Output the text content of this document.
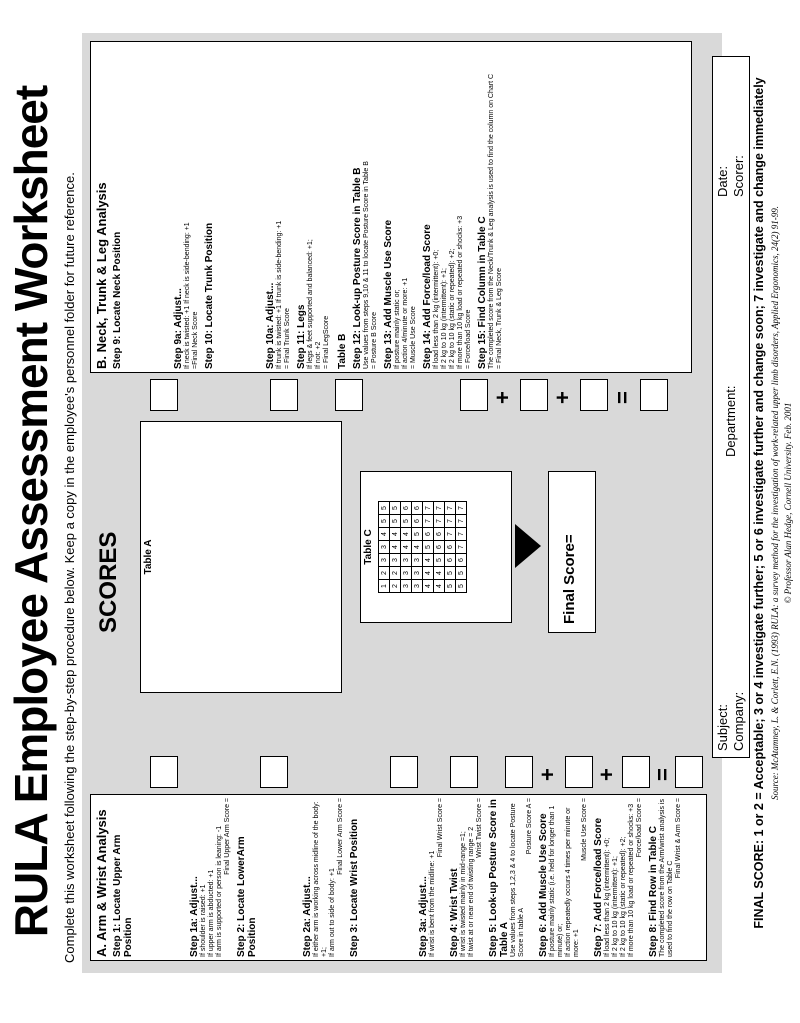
RULA Employee Assessment Worksheet Complete this worksheet following the step-by-step procedure below. Keep a copy in the employee's personnel folder for future reference. A. Arm & Wrist Analysis Step 1: Locate Upper Arm Position	Step 1a: Adjust... If shoulder is raised: +1
If upper arm is abducted: +1
If arm is supported or person is leaning: -1 Final Upper Arm Score = Step 2: Locate LowerArm Position	Step 2a: Adjust... If either arm is working across midline of the body: +1;
If arm out to side of body: +1 Final Lower Arm Score = Step 3: Locate Wrist Position	Step 3a: Adjust... If wrist is bent from the midline: +1
Final Wrist Score =
Step 4: Wrist Twist If wrist is twisted mainly in mid-range =1;
If twist at or near end of twisting range = 2 Wrist Twist Score = Step 5: Look-up Posture Score in Table A Use values from steps 1,2,3 & 4 to locate Posture Score in table A
Posture Score A = Step 6: Add Muscle Use Score If posture mainly static (i.e. held for longer than 1 minute) or;
If action repeatedly occurs 4 times per minute or more: +1
Muscle Use Score = Step 7: Add Force/load Score If load less than 2 kg (intermittent): +0;
If 2 kg to 10 kg (intermittent): +1;
If 2 kg to 10 kg (static or repeated): +2;
If more than 10 kg load or repeated or shocks: +3 Force/load Score = Step 8: Find Row in Table C The completed score from the Arm/wrist analysis is used to find the row on Table C
Final Wrist & Arm Score =
+ + =
SCORES Table A	Table C
1	2	3	3	4	5	5
2	2	3	4	4	5	5
3	3	3	4	4	5	6
3	3	3	4	5	6	6
4	4	4	5	6	7	7
4	4	5	6	6	7	7
5	5	6	6	7	7	7
5	5	6	7	7	7	7
Final Score=
B. Neck, Trunk & Leg Analysis Step 9: Locate Neck Position	Step 9a: Adjust... If neck is twisted: +1 If neck is side-bending: +1 =Final Neck Score Step 10: Locate Trunk Position	Step 10a: Adjust... If trunk is twisted: +1 If trunk is side-bending: +1 = Final Trunk Score Step 11: Legs If legs & feet supported and balanced: +1;
If not: +2 = Final LegScore Table B Step 12: Look-up Posture Score in Table B Use values from steps 9,10 & 11 to locate Posture Score in Table B = Posture B Score Step 13: Add Muscle Use Score If posture mainly static or;
If action 4/minute or more: +1
= Muscle Use Score Step 14: Add Force/load Score If load less than 2 kg (intermittent): +0;
If 2 kg to 10 kg (intermittent): +1;
If 2 kg to 10 kg (static or repeated): +2;
If more than 10 kg load or repeated or shocks: +3
= Force/load Score Step 15: Find Column in Table C The completed score from the Neck/Trunk & Leg analysis is used to find the column on Chart C = Final Neck, Trunk & Leg Score
+ + =
Subject: Company:
Department:
Date: Scorer: FINAL SCORE: 1 or 2 = Acceptable; 3 or 4 investigate further; 5 or 6 investigate further and change soon; 7 investigate and change immediately Source: McAtamney, L. & Corlett, E.N. (1993) RULA: a survey method for the investigation of work-related upper limb disorders, Applied Ergonomics, 24(2) 91-99. © Professor Alan Hedge, Cornell University. Feb. 2001
